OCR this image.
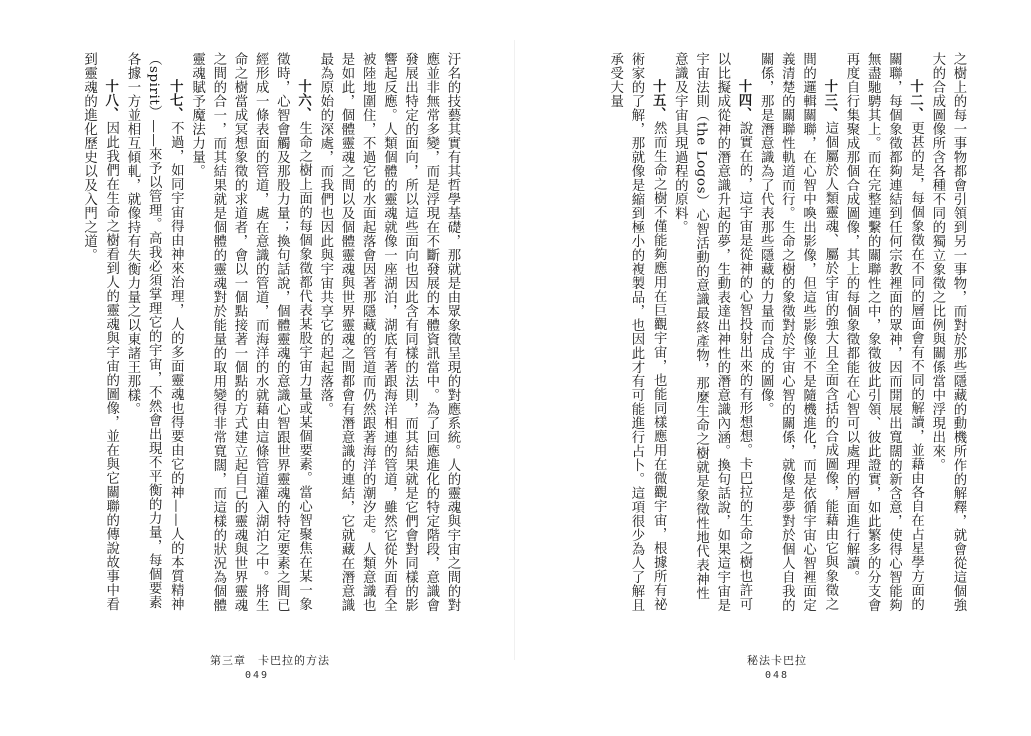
汙名的技藝其實有其哲學基礎，那就是由眾象徵呈現的對應系統。人的靈魂與宇宙之間的對應並非無常多變，而是浮現在不斷發展的本體資訊當中。為了回應進化的特定階段，意識會發展出特定的面向，所以這些面向也因此含有同樣的法則，而其結果就是它們會對同樣的影響起反應。人類個體的靈魂就像一座湖泊，湖底有著跟海洋相連的管道，雖然它從外面看全被陸地圍住，不過它的水面起落會因著那隱藏的管道而仍然跟著海洋的潮汐走。人類意識也是如此，個體靈魂之間以及個體靈魂與世界靈魂之間都會有潛意識的連結，它就藏在潛意識最為原始的深處，而我們也因此與宇宙共享它的起起落落。

十六、生命之樹上面的每個象徵都代表某股宇宙力量或某個要素。當心智聚焦在某一象徵時，心智會觸及那股力量；換句話說，個體靈魂的意識心智跟世界靈魂的特定要素之間已經形成一條表面的管道，處在意識的管道，而海洋的水就藉由這條管道灌入湖泊之中。將生命之樹當成冥想象徵的求道者，會以一個點接著一個點的方式建立起自己的靈魂與世界靈魂之間的合一，而其結果就是個體的靈魂對於能量的取用變得非常寬闊，而這樣的狀況為個體靈魂賦予魔法力量。

十七、不過，如同宇宙得由神來治理，人的多面靈魂也得要由它的神——人的本質精神（spirit）——來予以管理。高我必須掌理它的宇宙，不然會出現不平衡的力量，每個要素各據一方並相互傾軋，就像持有失衡力量之以東諸王那樣。

十八、因此我們在生命之樹看到人的靈魂與宇宙的圖像，並在與它關聯的傳說故事中看到靈魂的進化歷史以及入門之道。

第三章　卡巴拉的方法
049

之樹上的每一事物都會引領到另一事物，而對於那些隱藏的動機所作的解釋，就會從這個強大的合成圖像所含各種不同的獨立象徵之比例與關係當中浮現出來。

十二、更甚的是，每個象徵在不同的層面會有不同的解讀，並藉由各自在占星學方面的關聯，每個象徵都夠連結到任何宗教裡面的眾神，因而開展出寬闊的新含意，使得心智能夠無盡馳騁其上。而在完整連繫的關聯性之中，象徵彼此引領、彼此證實，如此繁多的分支會再度自行集聚成那個合成圖像，其上的每個象徵都能在心智可以處理的層面進行解讀。

十三、這個屬於人類靈魂、屬於宇宙的強大且全面含括的合成圖像，能藉由它與象徵之間的邏輯關聯，在心智中喚出影像，但這些影像並不是隨機進化，而是依循宇宙心智裡面定義清楚的關聯性軌道而行。生命之樹的象徵對於宇宙心智的關係，就像是夢對於個人自我的關係，那是潛意識為了代表那些隱藏的力量而合成的圖像。

十四、說實在的，這宇宙是從神的心智投射出來的有形想想。卡巴拉的生命之樹也許可以比擬成從神的潛意識升起的夢，生動表達出神性的潛意識內涵。換句話說，如果這宇宙是宇宙法則（the Logos）心智活動的意識最終產物，那麼生命之樹就是象徵性地代表神性意識及宇宙具現過程的原料。

十五、然而生命之樹不僅能夠應用在巨觀宇宙，也能同樣應用在微觀宇宙，根據所有祕術家的了解，那就像是縮到極小的複製品，也因此才有可能進行占卜。這項很少為人了解且承受大量

秘法卡巴拉
048
